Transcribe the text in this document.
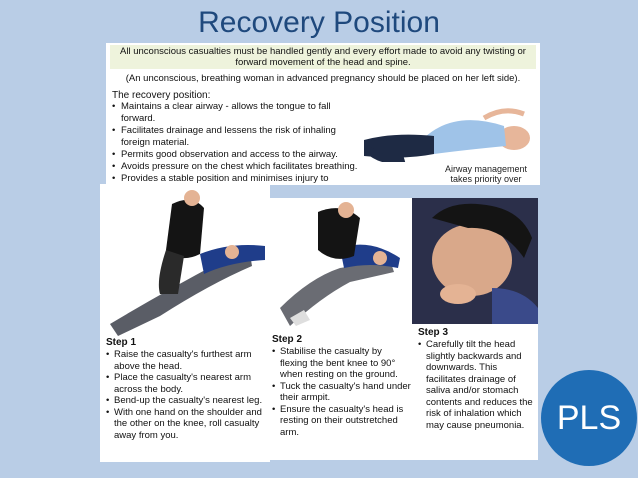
Recovery Position
All unconscious casualties must be handled gently and every effort made to avoid any twisting or forward movement of the head and spine.
(An unconscious, breathing woman in advanced pregnancy should be placed on her left side).
The recovery position:
• Maintains a clear airway - allows the tongue to fall forward.
• Facilitates drainage and lessens the risk of inhaling foreign material.
• Permits good observation and access to the airway.
• Avoids pressure on the chest which facilitates breathing.
• Provides a stable position and minimises injury to
Airway management takes priority over
Step 1
• Raise the casualty's furthest arm above the head.
• Place the casualty's nearest arm across the body.
• Bend-up the casualty's nearest leg.
• With one hand on the shoulder and the other on the knee, roll casualty away from you.
Step 2
• Stabilise the casualty by flexing the bent knee to 90° when resting on the ground.
• Tuck the casualty's hand under their armpit.
• Ensure the casualty's head is resting on their outstretched arm.
Step 3
• Carefully tilt the head slightly backwards and downwards. This facilitates drainage of saliva and/or stomach contents and reduces the risk of inhalation which may cause pneumonia. PLS
